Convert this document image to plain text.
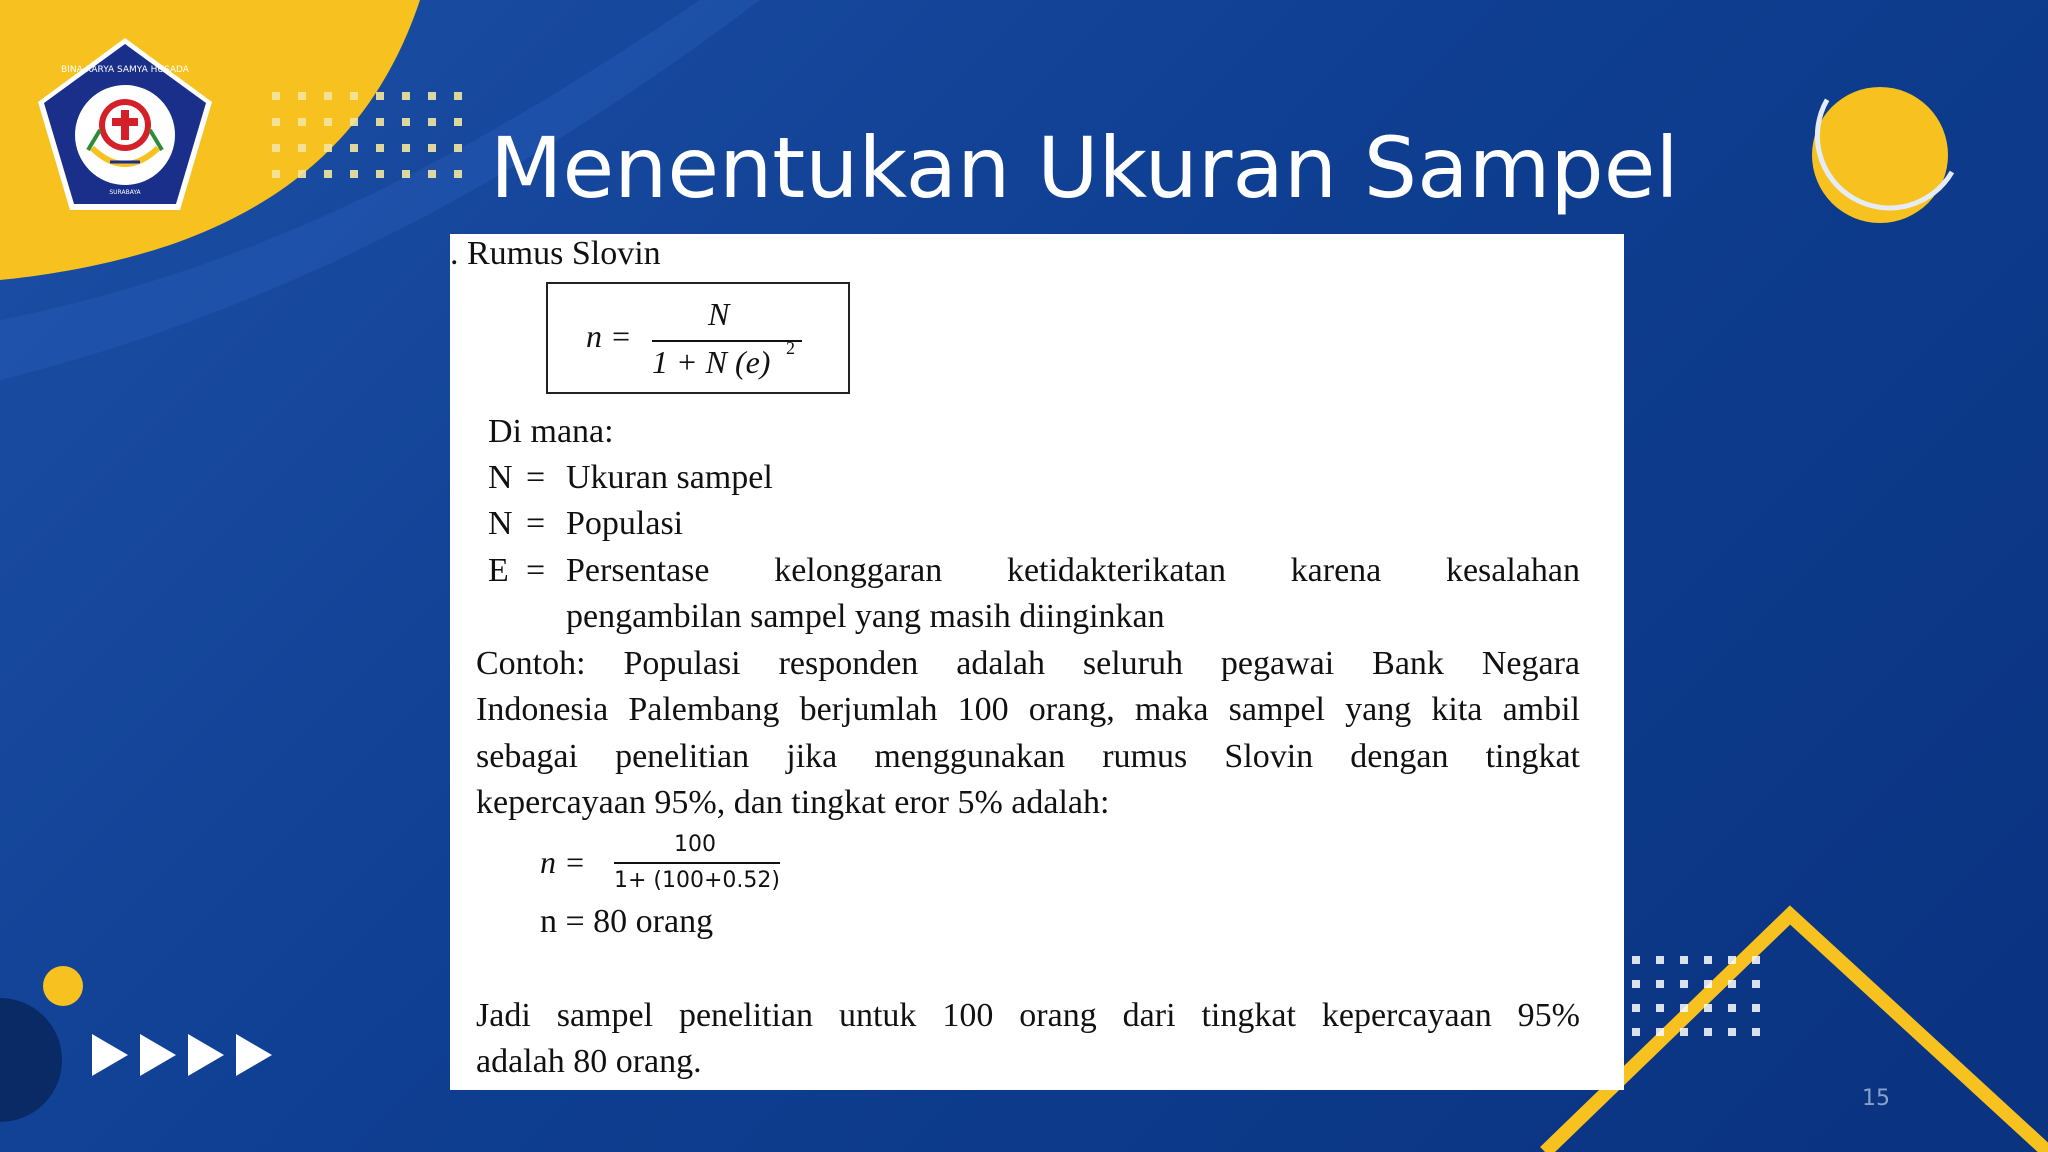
BINA KARYA SAMYA HUSADA
SURABAYA	Menentukan Ukuran Sampel
. Rumus Slovin
n =
N
1 + N (e) 2
Di mana:
N = Ukuran sampel
N = Populasi
E = Persentase kelonggaran ketidakterikatan karena kesalahan
pengambilan sampel yang masih diinginkan
Contoh: Populasi responden adalah seluruh pegawai Bank Negara
Indonesia Palembang berjumlah 100 orang, maka sampel yang kita ambil
sebagai penelitian jika menggunakan rumus Slovin dengan tingkat
kepercayaan 95%, dan tingkat eror 5% adalah:
n =	100
1+ (100+0.52)
n = 80 orang
Jadi sampel penelitian untuk 100 orang dari tingkat kepercayaan 95%
adalah 80 orang.
15
